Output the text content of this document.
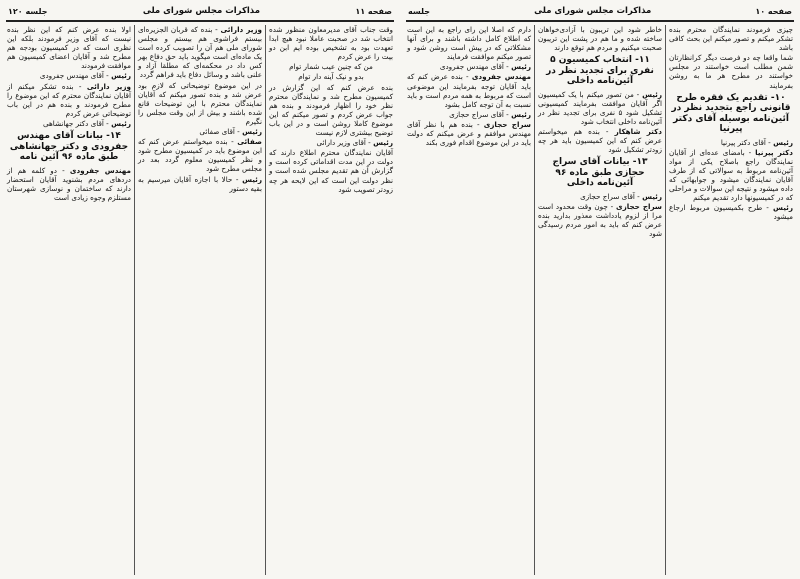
صفحه ۱۱
مذاکرات مجلس شورای ملی
جلسه ۱۲۰

وقت جناب آقای مدیرمعاون منظور شده انتخاب شد در صحبت عاملا نبود هیچ ابدا تعهدت بود به تشخیص بوده ایم ابن دو بیت را عرض کردم

من که چنین عیب شمار توام

بدو و نیک آینه دار توام

بنده عرض کنم که این گزارش در کمیسیون مطرح شد و نمایندگان محترم نظر خود را اظهار فرمودند و بنده هم جواب عرض کردم و تصور میکنم که این موضوع کاملا روشن است و در این باب توضیح بیشتری لازم نیست

رئیس - آقای وزیر دارائی

آقایان نمایندگان محترم اطلاع دارند که دولت در این مدت اقداماتی کرده است و گزارش آن هم تقدیم مجلس شده است و نظر دولت این است که این لایحه هر چه زودتر تصویب شود

وزیر دارائی - بنده که قربان الجزیره‌ای بیستم فراشوی هم بیستم و مجلس شورای ملی هم آن را تصویب کرده است یک ماده‌ای است میگوید باید حق دفاع بهر کس داد در محکمه‌ای که مطلقا آزاد و علنی باشد و وسائل دفاع باید فراهم گردد

در این موضوع توضیحاتی که لازم بود عرض شد و بنده تصور میکنم که آقایان نمایندگان محترم با این توضیحات قانع شده باشند و بیش از این وقت مجلس را نگیرم

رئیس - آقای صفائی

صفائی - بنده میخواستم عرض کنم که این موضوع باید در کمیسیون مطرح شود و نظر کمیسیون معلوم گردد بعد در مجلس مطرح شود

رئیس - حالا با اجازه آقایان میرسیم به بقیه دستور

اولا بنده عرض کنم که این نظر بنده نیست که آقای وزیر فرمودند بلکه این نظری است که در کمیسیون بودجه هم مطرح شد و آقایان اعضای کمیسیون هم موافقت فرمودند

رئیس - آقای مهندس جفرودی

وزیر دارائی - بنده تشکر میکنم از آقایان نمایندگان محترم که این موضوع را مطرح فرمودند و بنده هم در این باب توضیحاتی عرض کردم

رئیس - آقای دکتر جهانشاهی

۱۴- بیانات آقای مهندس جفرودی و دکتر جهانشاهی طبق ماده ۹۶ آئین نامه

مهندس جفرودی - دو کلمه هم از دردهای مردم بشنوید آقایان استحضار دارند که ساختمان و نوسازی شهرستان مستلزم وجوه زیادی است

صفحه ۱۰
مذاکرات مجلس شورای ملی
جلسه

چیزی فرمودند نمایندگان محترم بنده تشکر میکنم و تصور میکنم این بحث کافی باشد

شما واقعا چه دو فرصت دیگر کرانظارتان شمن مطلب است خواستند در مجلس خواستند در مطرح هر ما به روشن بفرمایند

۱۰- تقدیم یک فقره طرح قانونی راجع بتجدید نظر در آئین‌نامه بوسیله آقای دکتر پیرنیا

رئیس - آقای دکتر پیرنیا

دکتر پیرنیا - بامضای عده‌ای از آقایان نمایندگان راجع باصلاح یکی از مواد آئین‌نامه مربوط به سوالاتی که از طرف آقایان نمایندگان میشود و جوابهائی که داده میشود و نتیجه این سوالات و مراحلی که در کمیسیونها دارد تقدیم میکنم

رئیس - طرح بکمیسیون مربوط ارجاع میشود

خاطر شود این تریبون با آزادی‌خواهان ساخته شده و ما هم در پشت این تریبون صحبت میکنیم و مردم هم توقع دارند

۱۱- انتخاب کمیسیون ۵ نفری برای تجدید نظر در آئین‌نامه داخلی

رئیس - من تصور میکنم با یک کمیسیون اگر آقایان موافقت بفرمایند کمیسیونی تشکیل شود ۵ نفری برای تجدید نظر در آئین‌نامه داخلی انتخاب شود

دکتر شاهکار - بنده هم میخواستم عرض کنم که این کمیسیون باید هر چه زودتر تشکیل شود

۱۳- بیانات آقای سراج حجازی طبق ماده ۹۶ آئین‌نامه داخلی

رئیس - آقای سراج حجازی

سراج حجازی - چون وقت محدود است مرا از لزوم یادداشت معذور بدارید بنده عرض کنم که باید به امور مردم رسیدگی شود

دارم که اصلا این رای راجع به این است که اطلاع کامل داشته باشند و برای آنها مشکلاتی که در پیش است روشن شود و تصور میکنم موافقت فرمایند

رئیس - آقای مهندس جفرودی

مهندس جفرودی - بنده عرض کنم که باید آقایان توجه بفرمایند این موضوعی است که مربوط به همه مردم است و باید نسبت به آن توجه کامل بشود

رئیس - آقای سراج حجازی

سراج حجازی - بنده هم با نظر آقای مهندس موافقم و عرض میکنم که دولت باید در این موضوع اقدام فوری بکند
